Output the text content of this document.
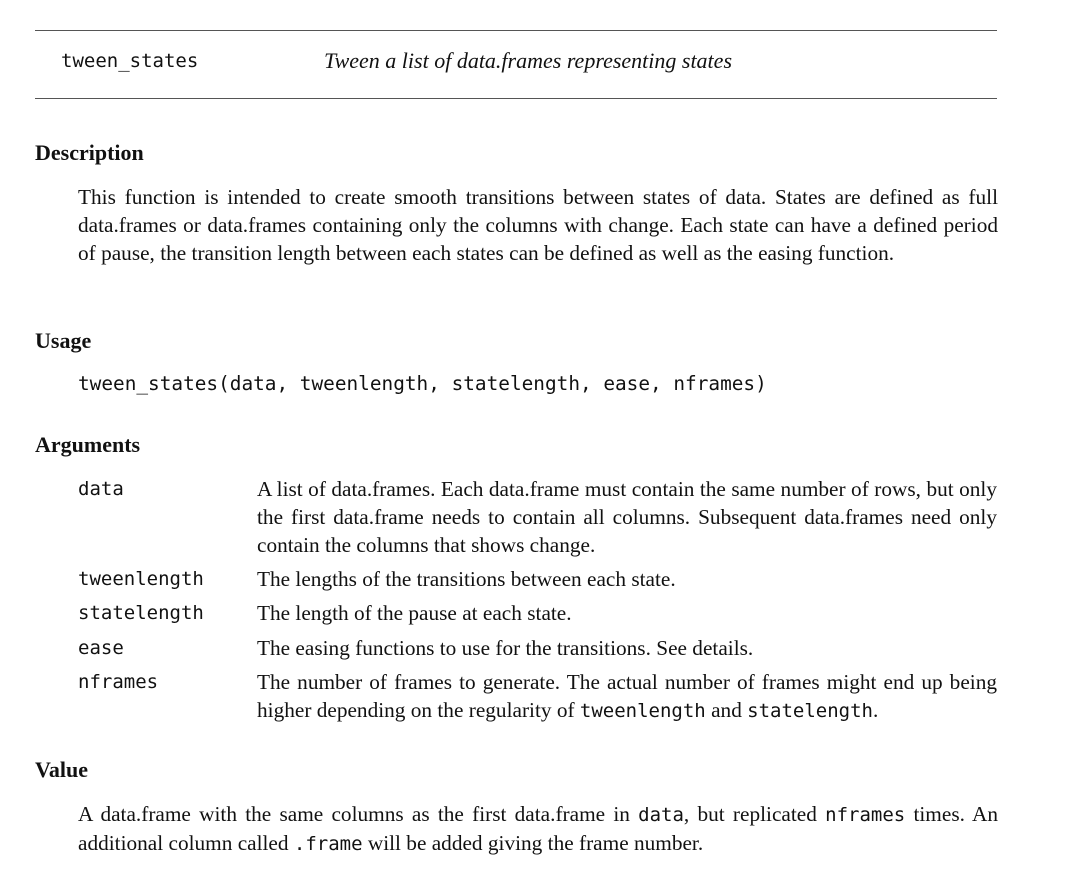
tween_states	Tween a list of data.frames representing states
Description
This function is intended to create smooth transitions between states of data. States are defined as full data.frames or data.frames containing only the columns with change. Each state can have a defined period of pause, the transition length between each states can be defined as well as the easing function.
Usage
tween_states(data, tweenlength, statelength, ease, nframes)
Arguments
data	A list of data.frames. Each data.frame must contain the same number of rows, but only the first data.frame needs to contain all columns. Subsequent data.frames need only contain the columns that shows change.
tweenlength The lengths of the transitions between each state.
statelength The length of the pause at each state.
ease	The easing functions to use for the transitions. See details.
nframes	The number of frames to generate. The actual number of frames might end up being higher depending on the regularity of tweenlength and statelength.
Value
A data.frame with the same columns as the first data.frame in data, but replicated nframes times. An additional column called .frame will be added giving the frame number.
